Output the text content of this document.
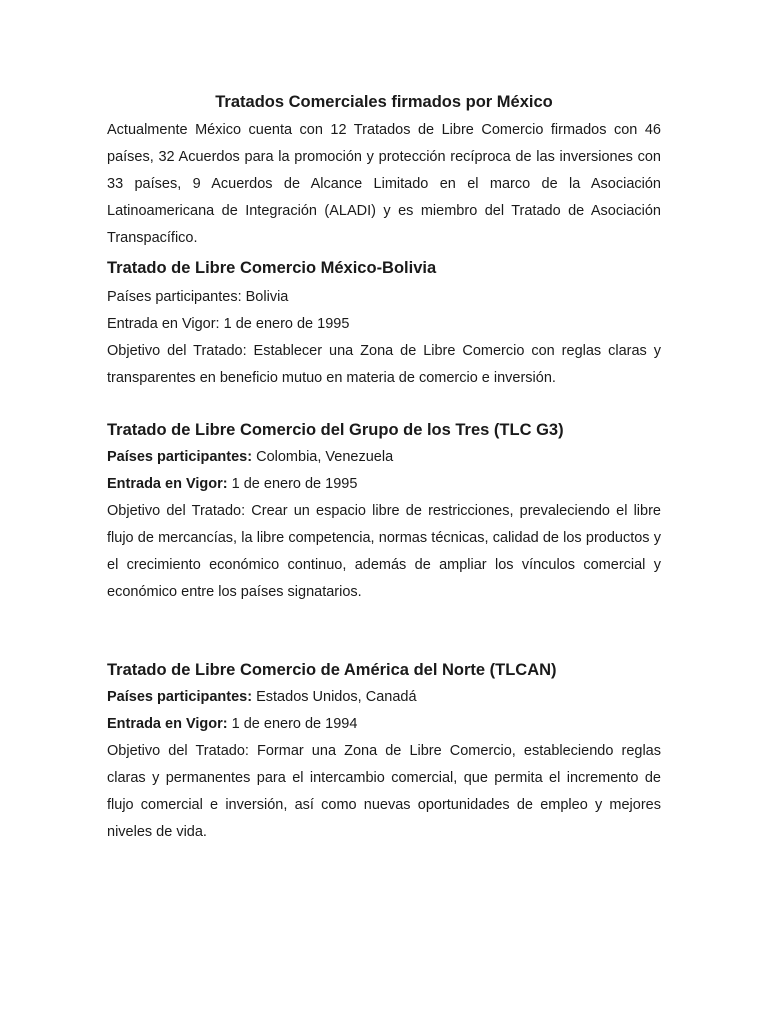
Tratados Comerciales firmados por México

Actualmente México cuenta con 12 Tratados de Libre Comercio firmados con 46 países, 32 Acuerdos para la promoción y protección recíproca de las inversiones con 33 países, 9 Acuerdos de Alcance Limitado en el marco de la Asociación Latinoamericana de Integración (ALADI) y es miembro del Tratado de Asociación Transpacífico.

Tratado de Libre Comercio México-Bolivia

Países participantes: Bolivia

Entrada en Vigor: 1 de enero de 1995

Objetivo del Tratado: Establecer una Zona de Libre Comercio con reglas claras y transparentes en beneficio mutuo en materia de comercio e inversión.

Tratado de Libre Comercio del Grupo de los Tres (TLC G3)

Países participantes: Colombia, Venezuela

Entrada en Vigor: 1 de enero de 1995

Objetivo del Tratado: Crear un espacio libre de restricciones, prevaleciendo el libre flujo de mercancías, la libre competencia, normas técnicas, calidad de los productos y el crecimiento económico continuo, además de ampliar los vínculos comercial y económico entre los países signatarios.

Tratado de Libre Comercio de América del Norte (TLCAN)

Países participantes: Estados Unidos, Canadá

Entrada en Vigor: 1 de enero de 1994

Objetivo del Tratado: Formar una Zona de Libre Comercio, estableciendo reglas claras y permanentes para el intercambio comercial, que permita el incremento de flujo comercial e inversión, así como nuevas oportunidades de empleo y mejores niveles de vida.
